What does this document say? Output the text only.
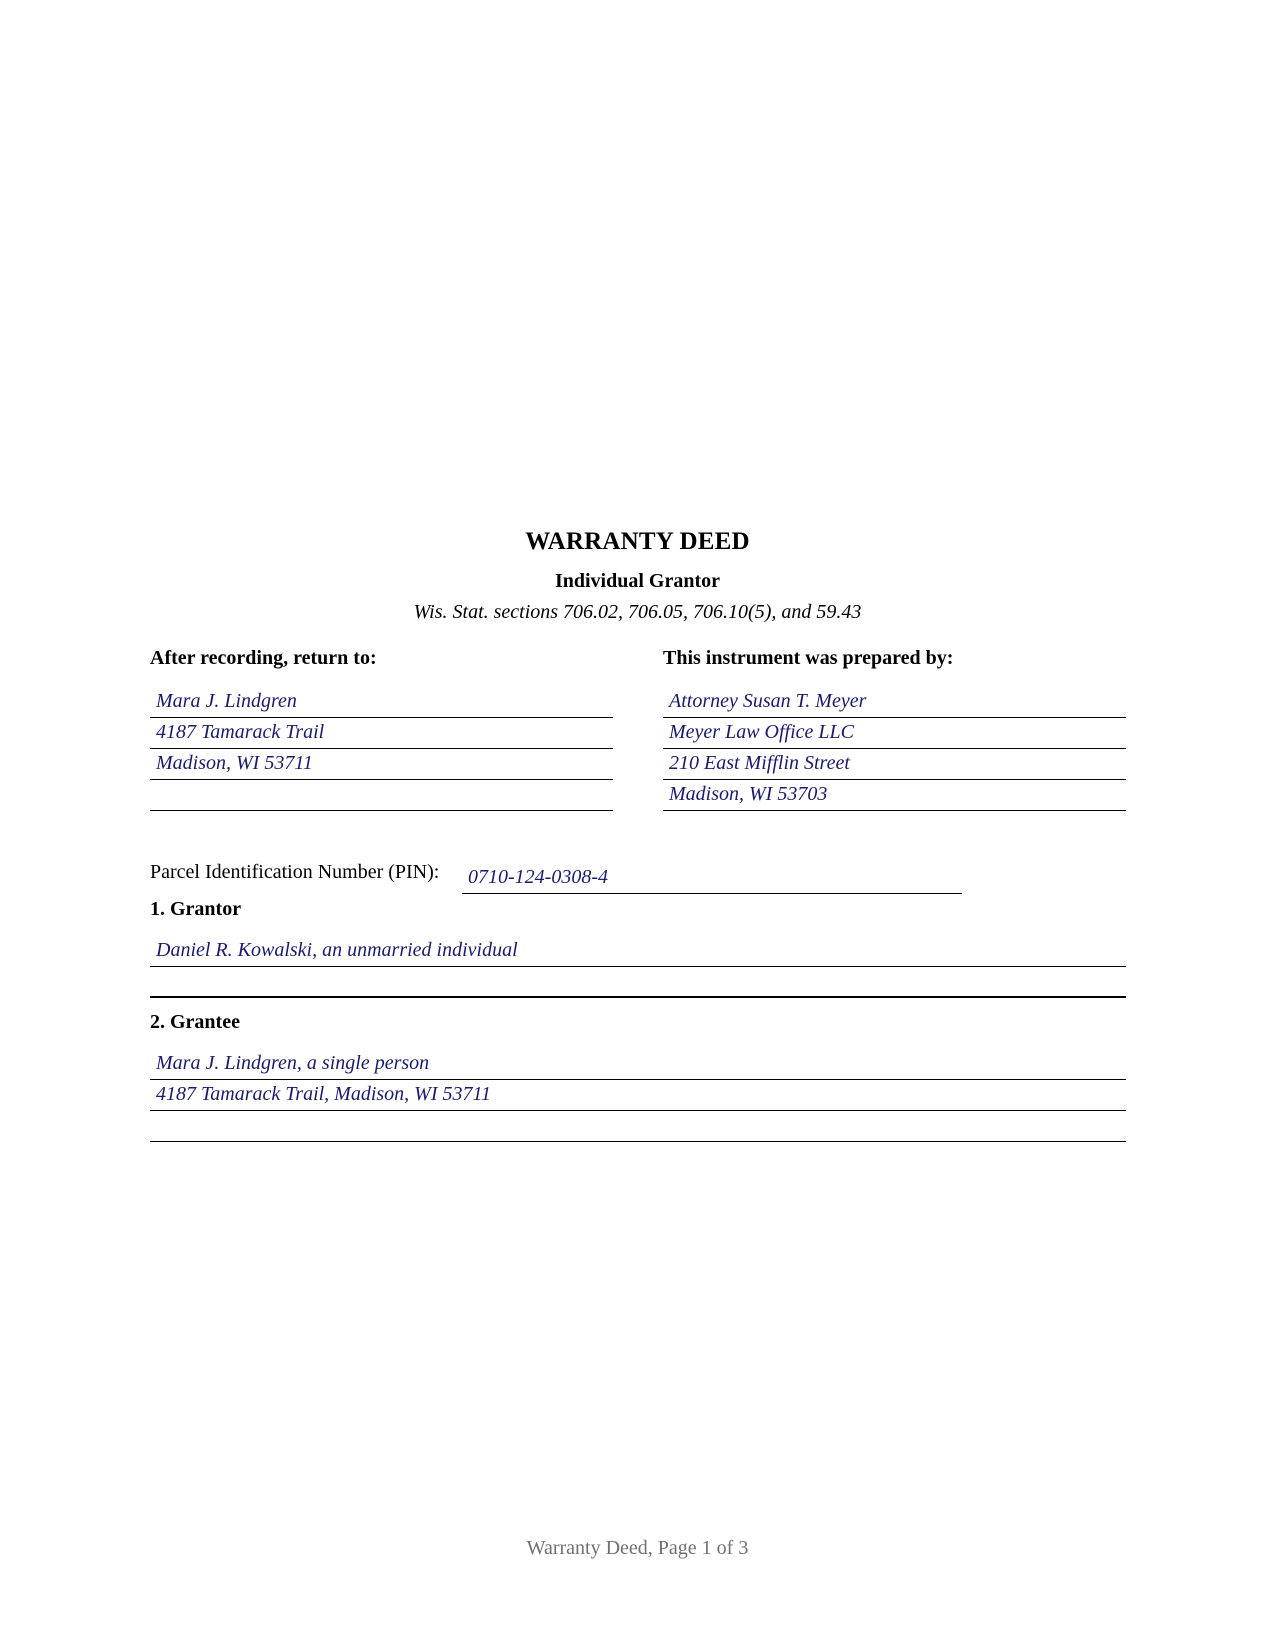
WARRANTY DEED
Individual Grantor
Wis. Stat. sections 706.02, 706.05, 706.10(5), and 59.43
After recording, return to:
Mara J. Lindgren
4187 Tamarack Trail
Madison, WI 53711
This instrument was prepared by:
Attorney Susan T. Meyer
Meyer Law Office LLC
210 East Mifflin Street
Madison, WI 53703
Parcel Identification Number (PIN): 0710-124-0308-4
1. Grantor
Daniel R. Kowalski, an unmarried individual
2. Grantee
Mara J. Lindgren, a single person
4187 Tamarack Trail, Madison, WI 53711
Warranty Deed, Page 1 of 3
